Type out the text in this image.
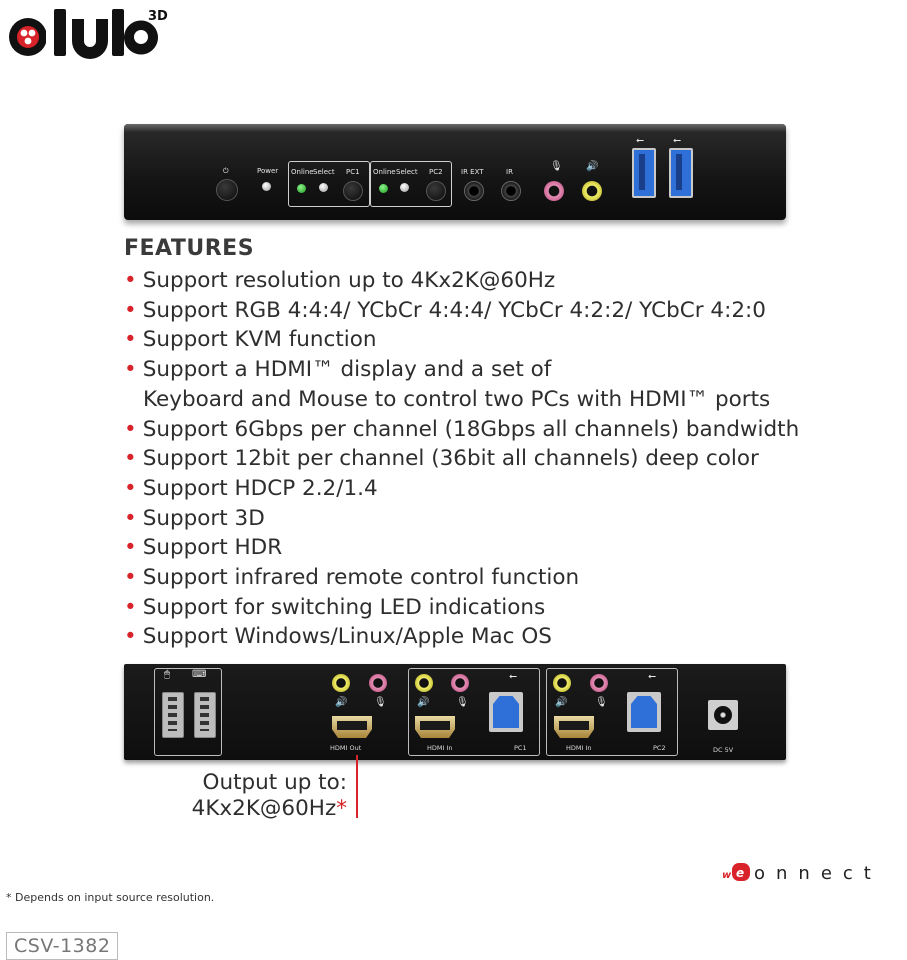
3D
⏻	Power Online Select PC1 Online Select PC2	IR EXT	IR	🎙 🔊
⭠	⭠
FEATURES
• Support resolution up to 4Kx2K@60Hz
• Support RGB 4:4:4/ YCbCr 4:4:4/ YCbCr 4:2:2/ YCbCr 4:2:0
• Support KVM function
• Support a HDMI™ display and a set of
Keyboard and Mouse to control two PCs with HDMI™ ports
• Support 6Gbps per channel (18Gbps all channels) bandwidth
• Support 12bit per channel (36bit all channels) deep color
• Support HDCP 2.2/1.4
• Support 3D
• Support HDR
• Support infrared remote control function
• Support for switching LED indications
• Support Windows/Linux/Apple Mac OS
🖱 ⌨
🔊	🎙
HDMI Out
🔊	🎙
HDMI In
⭠
PC1
🔊	🎙
HDMI In
⭠
PC2	DC 5V
Output up to:
4Kx2K@60Hz*
w e onnect
* Depends on input source resolution.
CSV-1382
